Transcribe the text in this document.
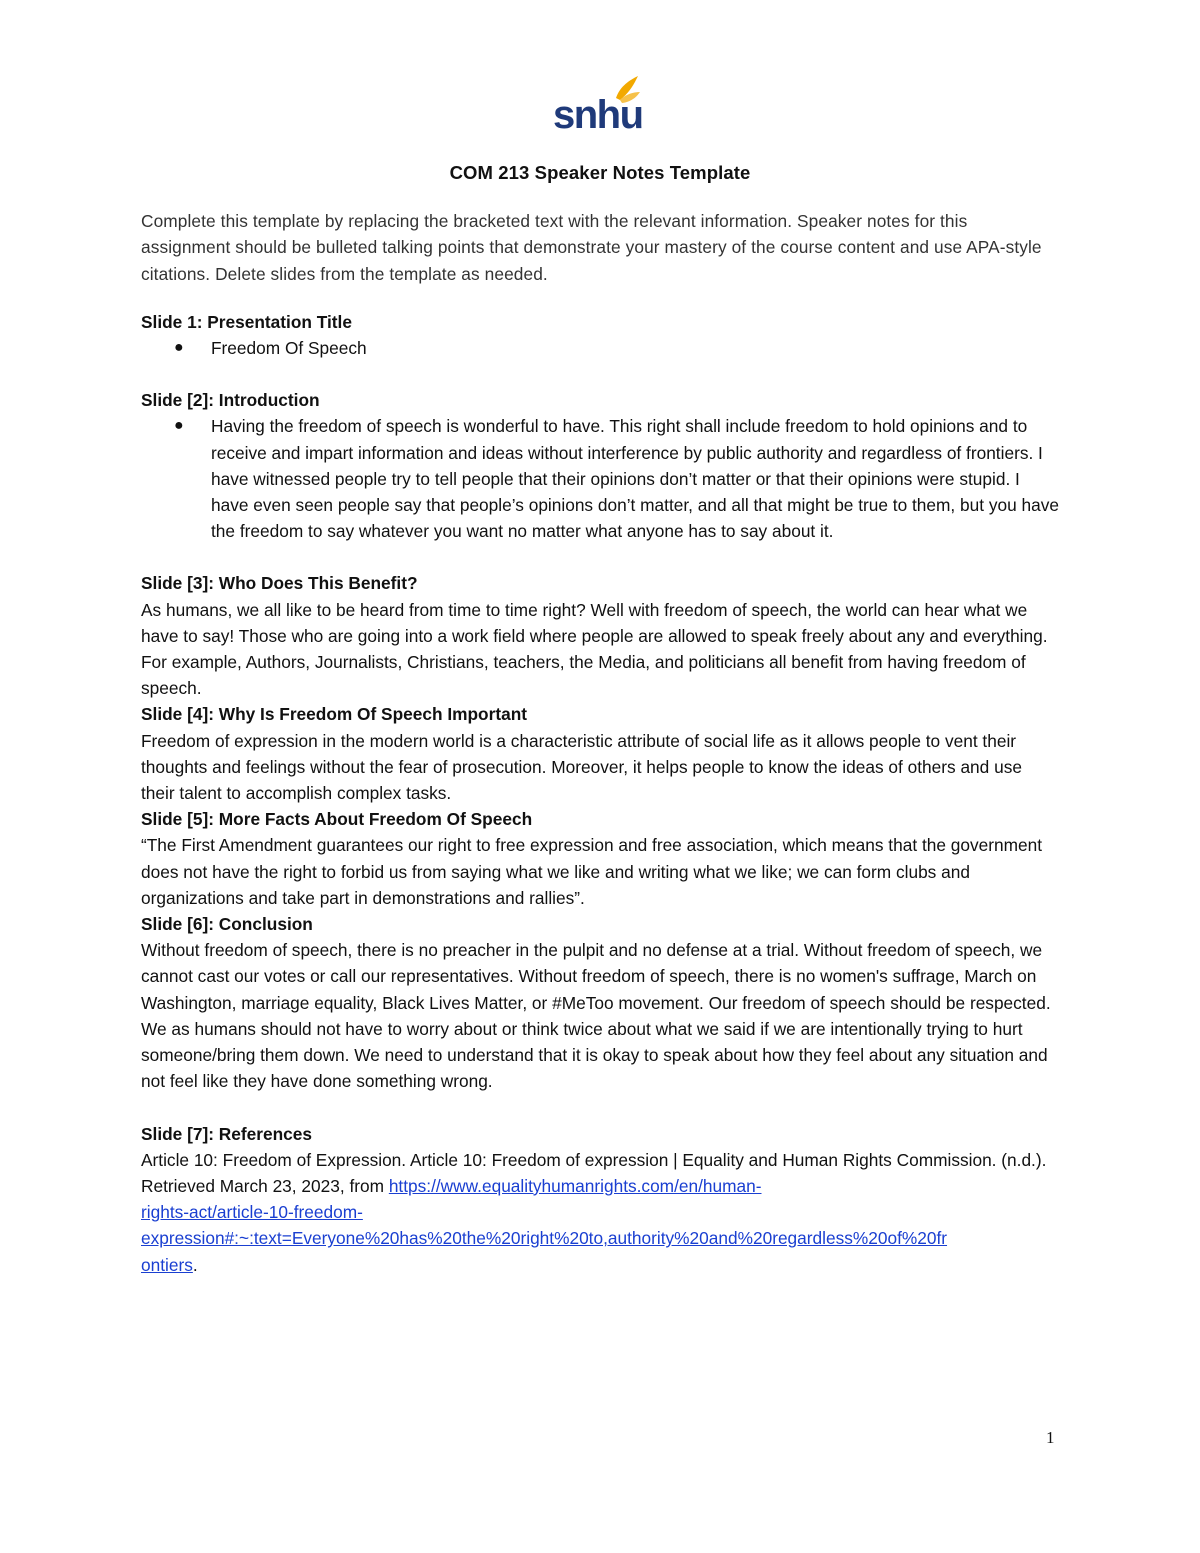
snhu

COM 213 Speaker Notes Template

Complete this template by replacing the bracketed text with the relevant information. Speaker notes for this assignment should be bulleted talking points that demonstrate your mastery of the course content and use APA-style citations. Delete slides from the template as needed.

Slide 1: Presentation Title

● Freedom Of Speech

Slide [2]: Introduction

● Having the freedom of speech is wonderful to have. This right shall include freedom to hold opinions and to receive and impart information and ideas without interference by public authority and regardless of frontiers. I have witnessed people try to tell people that their opinions don’t matter or that their opinions were stupid. I have even seen people say that people’s opinions don’t matter, and all that might be true to them, but you have the freedom to say whatever you want no matter what anyone has to say about it.

Slide [3]: Who Does This Benefit?

As humans, we all like to be heard from time to time right? Well with freedom of speech, the world can hear what we have to say! Those who are going into a work field where people are allowed to speak freely about any and everything. For example, Authors, Journalists, Christians, teachers, the Media, and politicians all benefit from having freedom of speech.

Slide [4]: Why Is Freedom Of Speech Important

Freedom of expression in the modern world is a characteristic attribute of social life as it allows people to vent their thoughts and feelings without the fear of prosecution. Moreover, it helps people to know the ideas of others and use their talent to accomplish complex tasks.

Slide [5]: More Facts About Freedom Of Speech

“The First Amendment guarantees our right to free expression and free association, which means that the government does not have the right to forbid us from saying what we like and writing what we like; we can form clubs and organizations and take part in demonstrations and rallies”.

Slide [6]: Conclusion

Without freedom of speech, there is no preacher in the pulpit and no defense at a trial. Without freedom of speech, we cannot cast our votes or call our representatives. Without freedom of speech, there is no women's suffrage, March on Washington, marriage equality, Black Lives Matter, or #MeToo movement. Our freedom of speech should be respected. We as humans should not have to worry about or think twice about what we said if we are intentionally trying to hurt someone/bring them down. We need to understand that it is okay to speak about how they feel about any situation and not feel like they have done something wrong.

Slide [7]: References

Article 10: Freedom of Expression. Article 10: Freedom of expression | Equality and Human Rights Commission. (n.d.). Retrieved March 23, 2023, from https://www.equalityhumanrights.com/en/human-
rights-act/article-10-freedom-
expression#:~:text=Everyone%20has%20the%20right%20to,authority%20and%20regardless%20of%20fr
ontiers.

1
